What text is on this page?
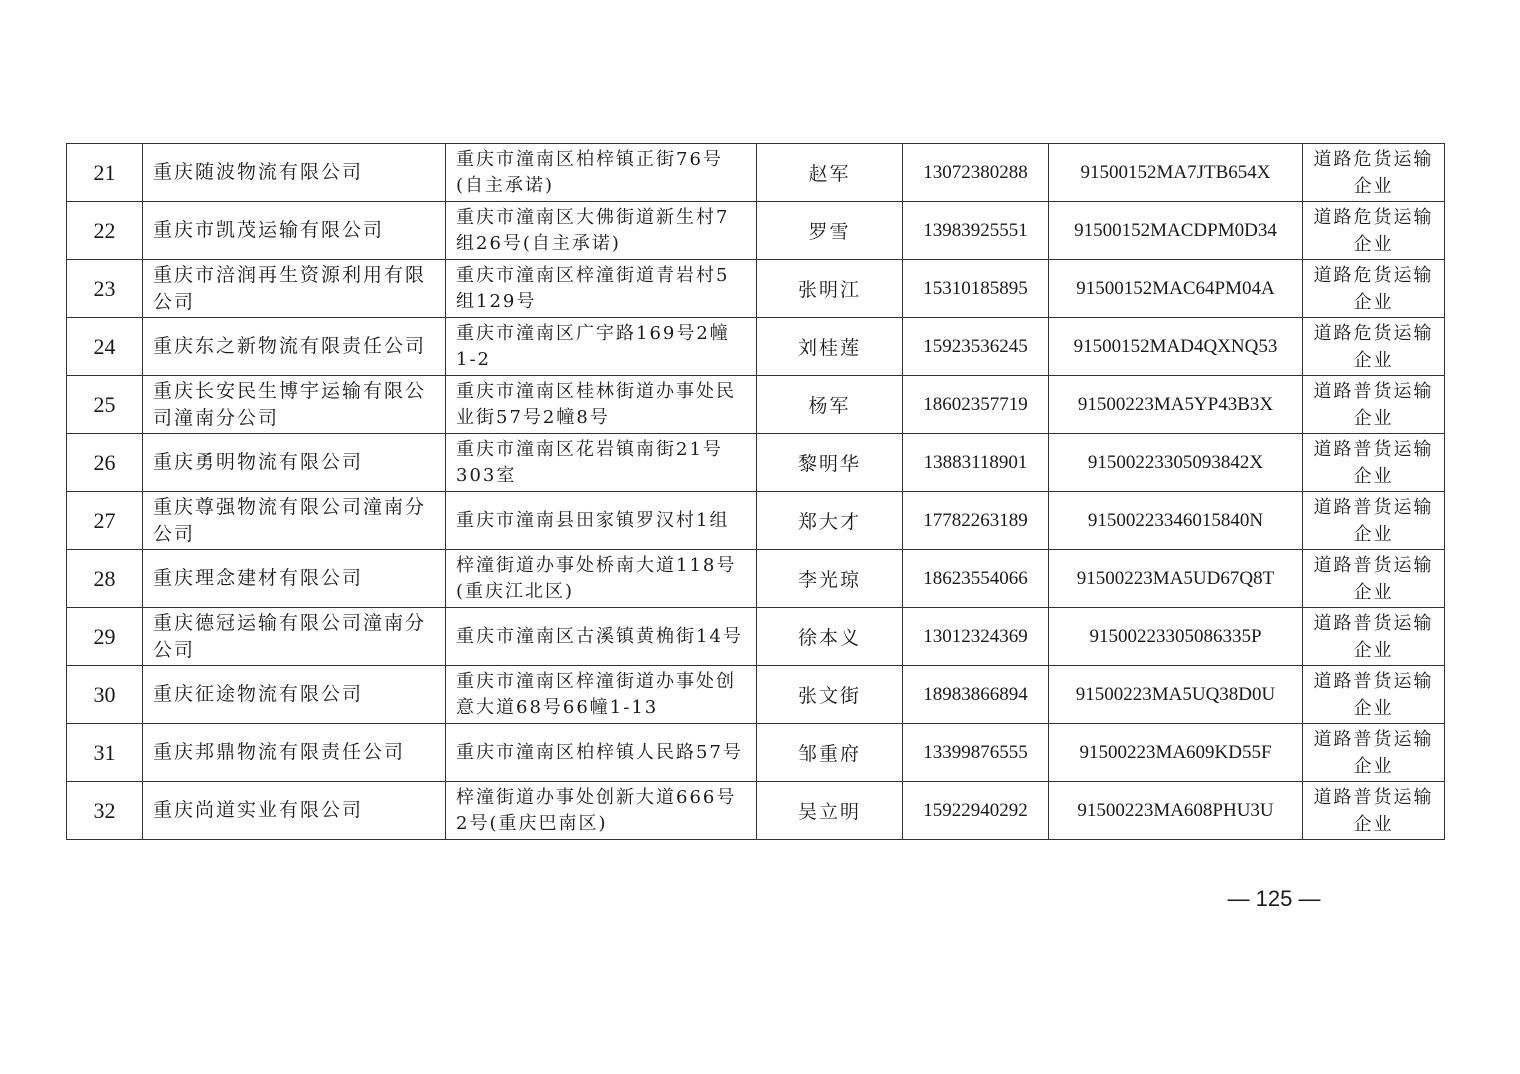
21	重庆随波物流有限公司	重庆市潼南区柏梓镇正街76号(自主承诺)	赵军	13072380288	91500152MA7JTB654X	道路危货运输企业
22	重庆市凯茂运输有限公司	重庆市潼南区大佛街道新生村7组26号(自主承诺)	罗雪	13983925551	91500152MACDPM0D34	道路危货运输企业
23	重庆市涪润再生资源利用有限公司	重庆市潼南区梓潼街道青岩村5组129号	张明江	15310185895	91500152MAC64PM04A	道路危货运输企业
24	重庆东之新物流有限责任公司	重庆市潼南区广宇路169号2幢1-2	刘桂莲	15923536245	91500152MAD4QXNQ53	道路危货运输企业
25	重庆长安民生博宇运输有限公司潼南分公司	重庆市潼南区桂林街道办事处民业街57号2幢8号	杨军	18602357719	91500223MA5YP43B3X	道路普货运输企业
26	重庆勇明物流有限公司	重庆市潼南区花岩镇南街21号303室	黎明华	13883118901	91500223305093842X	道路普货运输企业
27	重庆尊强物流有限公司潼南分公司	重庆市潼南县田家镇罗汉村1组	郑大才	17782263189	91500223346015840N	道路普货运输企业
28	重庆理念建材有限公司	梓潼街道办事处桥南大道118号(重庆江北区)	李光琼	18623554066	91500223MA5UD67Q8T	道路普货运输企业
29	重庆德冠运输有限公司潼南分公司	重庆市潼南区古溪镇黄桷街14号	徐本义	13012324369	91500223305086335P	道路普货运输企业
30	重庆征途物流有限公司	重庆市潼南区梓潼街道办事处创意大道68号66幢1-13	张文街	18983866894	91500223MA5UQ38D0U	道路普货运输企业
31	重庆邦鼎物流有限责任公司	重庆市潼南区柏梓镇人民路57号	邹重府	13399876555	91500223MA609KD55F	道路普货运输企业
32	重庆尚道实业有限公司	梓潼街道办事处创新大道666号2号(重庆巴南区)	吴立明	15922940292	91500223MA608PHU3U	道路普货运输企业
— 125 —
